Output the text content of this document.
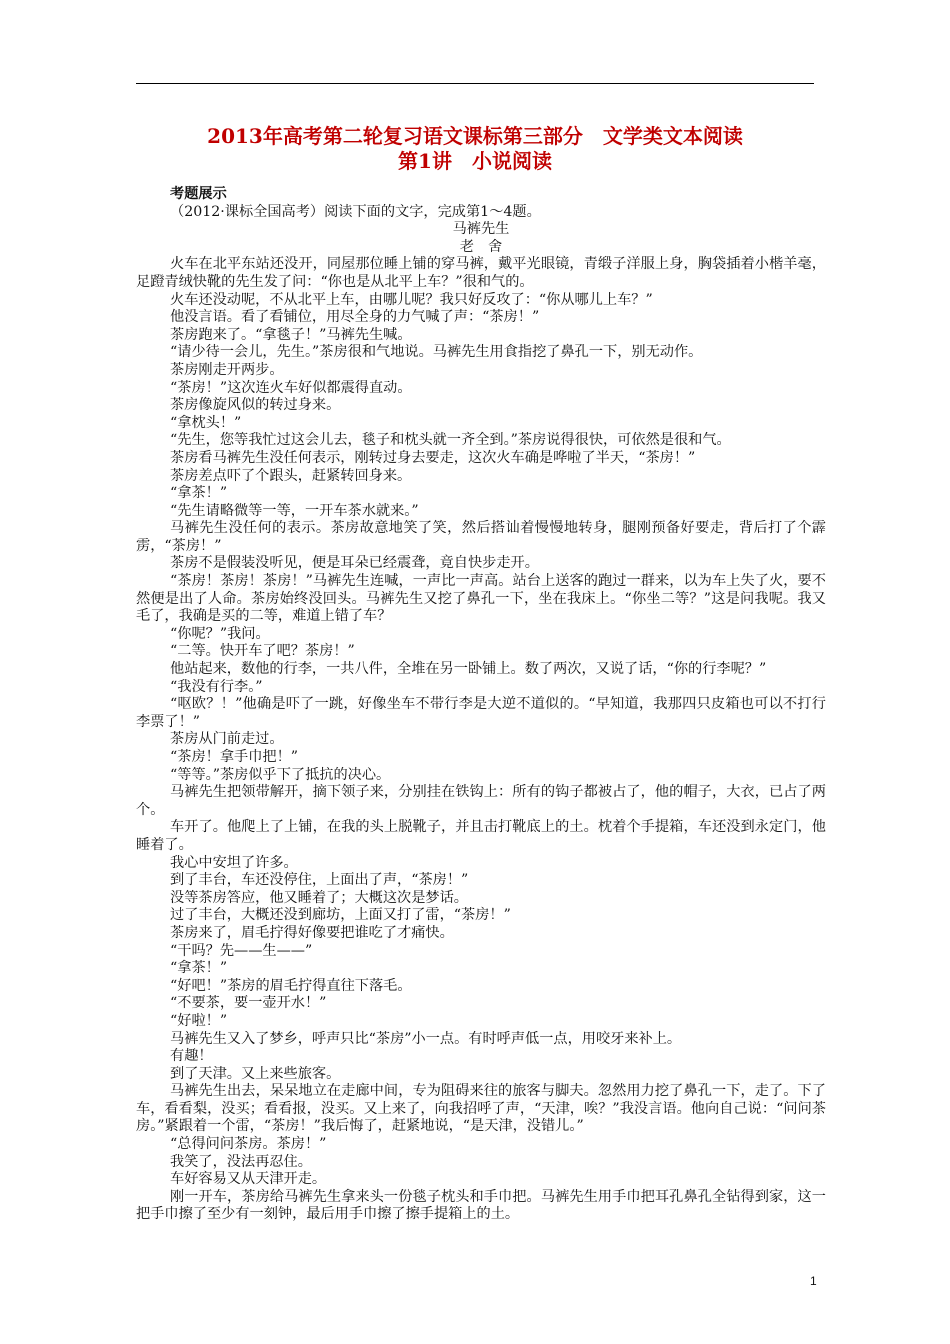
2013年高考第二轮复习语文课标第三部分　文学类文本阅读
第1讲　小说阅读

考题展示

（2012·课标全国高考）阅读下面的文字，完成第1～4题。

马裤先生

老舍

火车在北平东站还没开，同屋那位睡上铺的穿马裤，戴平光眼镜，青缎子洋服上身，胸袋插着小楷羊毫，足蹬青绒快靴的先生发了问：“你也是从北平上车？”很和气的。

火车还没动呢，不从北平上车，由哪儿呢？我只好反攻了：“你从哪儿上车？”

他没言语。看了看铺位，用尽全身的力气喊了声：“茶房！”

茶房跑来了。“拿毯子！”马裤先生喊。

“请少待一会儿，先生。”茶房很和气地说。马裤先生用食指挖了鼻孔一下，别无动作。

茶房刚走开两步。

“茶房！”这次连火车好似都震得直动。

茶房像旋风似的转过身来。

“拿枕头！”

“先生，您等我忙过这会儿去，毯子和枕头就一齐全到。”茶房说得很快，可依然是很和气。

茶房看马裤先生没任何表示，刚转过身去要走，这次火车确是哗啦了半天，“茶房！”

茶房差点吓了个跟头，赶紧转回身来。

“拿茶！”

“先生请略微等一等，一开车茶水就来。”

马裤先生没任何的表示。茶房故意地笑了笑，然后搭讪着慢慢地转身，腿刚预备好要走，背后打了个霹雳，“茶房！”

茶房不是假装没听见，便是耳朵已经震聋，竟自快步走开。

“茶房！茶房！茶房！”马裤先生连喊，一声比一声高。站台上送客的跑过一群来，以为车上失了火，要不然便是出了人命。茶房始终没回头。马裤先生又挖了鼻孔一下，坐在我床上。“你坐二等？”这是问我呢。我又毛了，我确是买的二等，难道上错了车？

“你呢？”我问。

“二等。快开车了吧？茶房！”

他站起来，数他的行李，一共八件，全堆在另一卧铺上。数了两次，又说了话，“你的行李呢？”

“我没有行李。”

“呕欧？！”他确是吓了一跳，好像坐车不带行李是大逆不道似的。“早知道，我那四只皮箱也可以不打行李票了！”

茶房从门前走过。

“茶房！拿手巾把！”

“等等。”茶房似乎下了抵抗的决心。

马裤先生把领带解开，摘下领子来，分别挂在铁钩上：所有的钩子都被占了，他的帽子，大衣，已占了两个。

车开了。他爬上了上铺，在我的头上脱靴子，并且击打靴底上的土。枕着个手提箱，车还没到永定门，他睡着了。

我心中安坦了许多。

到了丰台，车还没停住，上面出了声，“茶房！”

没等茶房答应，他又睡着了；大概这次是梦话。

过了丰台，大概还没到廊坊，上面又打了雷，“茶房！”

茶房来了，眉毛拧得好像要把谁吃了才痛快。

“干吗？先——生——”

“拿茶！”

“好吧！”茶房的眉毛拧得直往下落毛。

“不要茶，要一壶开水！”

“好啦！”

马裤先生又入了梦乡，呼声只比“茶房”小一点。有时呼声低一点，用咬牙来补上。

有趣！

到了天津。又上来些旅客。

马裤先生出去，呆呆地立在走廊中间，专为阻碍来往的旅客与脚夫。忽然用力挖了鼻孔一下，走了。下了车，看看梨，没买；看看报，没买。又上来了，向我招呼了声，“天津，唉？”我没言语。他向自己说：“问问茶房。”紧跟着一个雷，“茶房！”我后悔了，赶紧地说，“是天津，没错儿。”

“总得问问茶房。茶房！”

我笑了，没法再忍住。

车好容易又从天津开走。

刚一开车，茶房给马裤先生拿来头一份毯子枕头和手巾把。马裤先生用手巾把耳孔鼻孔全钻得到家，这一把手巾擦了至少有一刻钟，最后用手巾擦了擦手提箱上的土。

1
